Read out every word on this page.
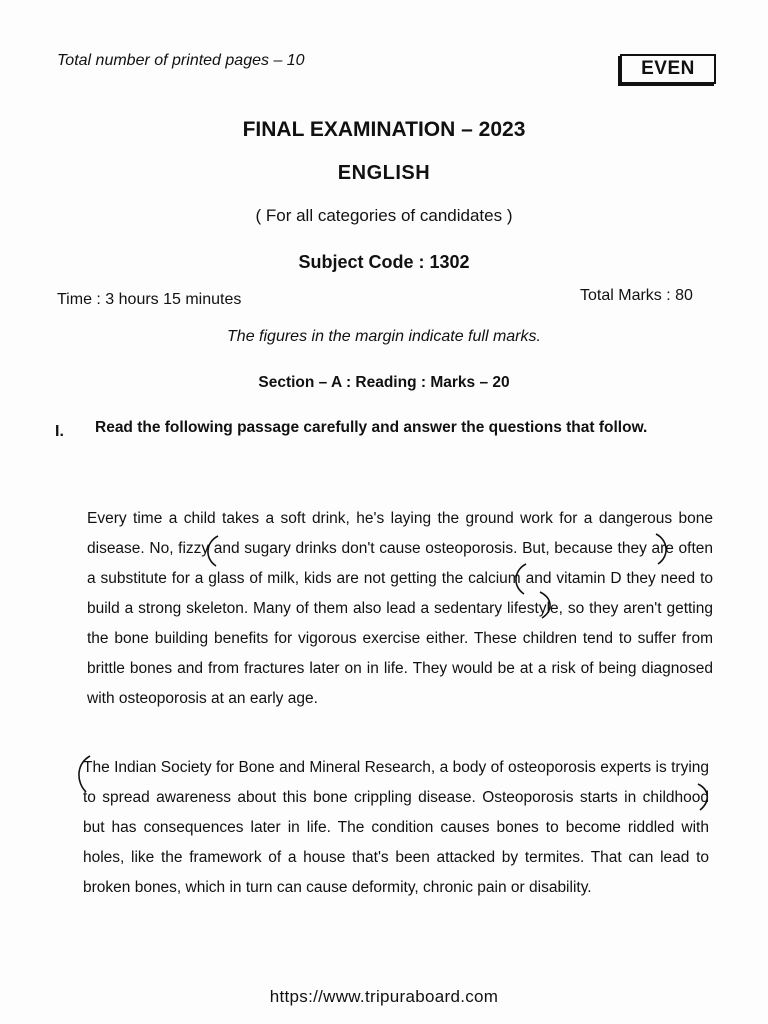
Total number of printed pages – 10	EVEN
FINAL EXAMINATION – 2023
ENGLISH
( For all categories of candidates )
Subject Code : 1302
Time : 3 hours 15 minutes	Total Marks : 80
The figures in the margin indicate full marks.
Section – A : Reading : Marks – 20
I. Read the following passage carefully and answer the questions that follow.

Every time a child takes a soft drink, he's laying the ground work for a dangerous bone disease. No, fizzy and sugary drinks don't cause osteoporosis. But, because they are often a substitute for a glass of milk, kids are not getting the calcium and vitamin D they need to build a strong skeleton. Many of them also lead a sedentary lifestyle, so they aren't getting the bone building benefits for vigorous exercise either. These children tend to suffer from brittle bones and from fractures later on in life. They would be at a risk of being diagnosed with osteoporosis at an early age.

The Indian Society for Bone and Mineral Research, a body of osteoporosis experts is trying to spread awareness about this bone crippling disease. Osteoporosis starts in childhood but has consequences later in life. The condition causes bones to become riddled with holes, like the framework of a house that's been attacked by termites. That can lead to broken bones, which in turn can cause deformity, chronic pain or disability.

https://www.tripuraboard.com
